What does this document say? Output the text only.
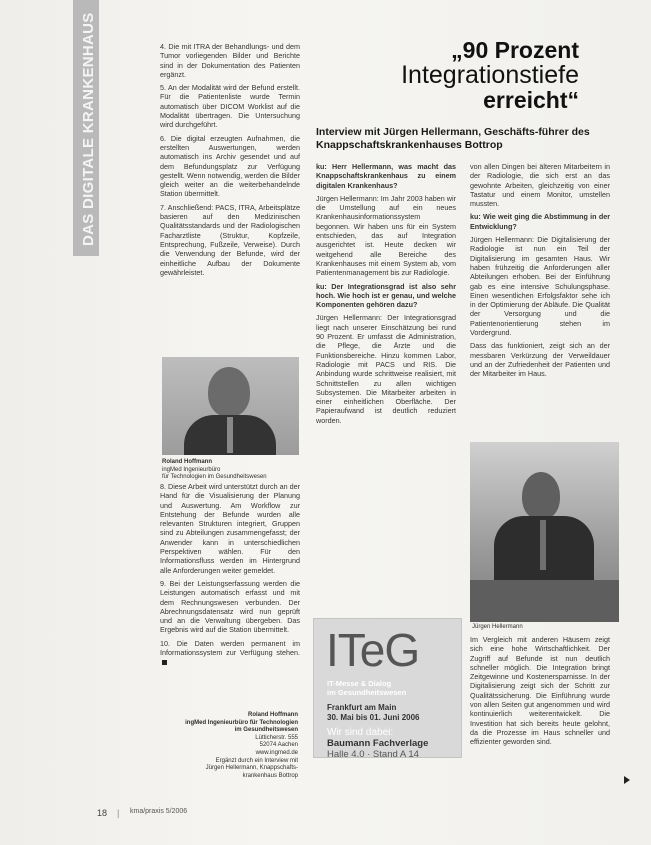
DAS DIGITALE KRANKENHAUS	4. Die mit ITRA der Behandlungs- und dem Tumor vorliegenden Bilder und Berichte sind in der Dokumentation des Patienten ergänzt.

5. An der Modalität wird der Befund erstellt. Für die Patientenliste wurde Termin automatisch über DICOM Worklist auf die Modalität übertragen. Die Untersuchung wird durchgeführt.

6. Die digital erzeugten Aufnahmen, die erstellten Auswertungen, werden automatisch ins Archiv gesendet und auf dem Befundungsplatz zur Verfügung gestellt. Wenn notwendig, werden die Bilder gleich weiter an die weiterbehandelnde Station übermittelt.

7. Anschließend: PACS, ITRA, Arbeitsplätze basieren auf den Medizinischen Qualitätsstandards und der Radiologischen Facharztliste (Struktur, Kopfzeile, Entsprechung, Fußzeile, Verweise). Durch die Verwendung der Befunde, wird der einheitliche Aufbau der Dokumente gewährleistet.

Roland Hoffmann
ingMed Ingenieurbüro
für Technologien im Gesundheitswesen

8. Diese Arbeit wird unterstützt durch an der Hand für die Visualisierung der Planung und Auswertung. Am Workflow zur Entstehung der Befunde wurden alle relevanten Strukturen integriert, Gruppen sind zu Abteilungen zusammengefasst; der Anwender kann in unterschiedlichen Perspektiven wählen. Für den Informationsfluss werden im Hintergrund alle Anforderungen weiter gemeldet.

9. Bei der Leistungserfassung werden die Leistungen automatisch erfasst und mit dem Rechnungswesen verbunden. Der Abrechnungsdatensatz wird nun geprüft und an die Verwaltung übergeben. Das Ergebnis wird auf die Station übermittelt.

10. Die Daten werden permanent im Informationssystem zur Verfügung stehen.

Roland Hoffmann
ingMed Ingenieurbüro für Technologien
im Gesundheitswesen
Lütticherstr. 555
52074 Aachen
www.ingmed.de
Ergänzt durch ein Interview mit
Jürgen Hellermann, Knappschafts-
krankenhaus Bottrop
„90 Prozent
Integrationstiefe
erreicht“
Interview mit Jürgen Hellermann, Geschäfts-führer des Knappschaftskrankenhauses Bottrop

ku: Herr Hellermann, was macht das Knappschaftskrankenhaus zu einem digitalen Krankenhaus?

Jürgen Hellermann: Im Jahr 2003 haben wir die Umstellung auf ein neues Krankenhausinformationssystem begonnen. Wir haben uns für ein System entschieden, das auf Integration ausgerichtet ist. Heute decken wir weitgehend alle Bereiche des Krankenhauses mit einem System ab, vom Patientenmanagement bis zur Radiologie.

ku: Der Integrationsgrad ist also sehr hoch. Wie hoch ist er genau, und welche Komponenten gehören dazu?

Jürgen Hellermann: Der Integrationsgrad liegt nach unserer Einschätzung bei rund 90 Prozent. Er umfasst die Administration, die Pflege, die Ärzte und die Funktionsbereiche. Hinzu kommen Labor, Radiologie mit PACS und RIS. Die Anbindung wurde schrittweise realisiert, mit Schnittstellen zu allen wichtigen Subsystemen. Die Mitarbeiter arbeiten in einer einheitlichen Oberfläche. Der Papieraufwand ist deutlich reduziert worden.

von allen Dingen bei älteren Mitarbeitern in der Radiologie, die sich erst an das gewohnte Arbeiten, gleichzeitig von einer Tastatur und einem Monitor, umstellen mussten.

ku: Wie weit ging die Abstimmung in der Entwicklung?

Jürgen Hellermann: Die Digitalisierung der Radiologie ist nun ein Teil der Digitalisierung im gesamten Haus. Wir haben frühzeitig die Anforderungen aller Abteilungen erhoben. Bei der Einführung gab es eine intensive Schulungsphase. Einen wesentlichen Erfolgsfaktor sehe ich in der Optimierung der Abläufe. Die Qualität der Versorgung und die Patientenorientierung stehen im Vordergrund.

Dass das funktioniert, zeigt sich an der messbaren Verkürzung der Verweildauer und an der Zufriedenheit der Patienten und der Mitarbeiter im Haus.

Jürgen Hellermann

Im Vergleich mit anderen Häusern zeigt sich eine hohe Wirtschaftlichkeit. Der Zugriff auf Befunde ist nun deutlich schneller möglich. Die Integration bringt Zeitgewinne und Kostenersparnisse. In der Digitalisierung zeigt sich der Schritt zur Qualitätssicherung. Die Einführung wurde von allen Seiten gut angenommen und wird kontinuierlich weiterentwickelt. Die Investition hat sich bereits heute gelohnt, da die Prozesse im Haus schneller und effizienter geworden sind.

ITeG
IT-Messe & Dialog
im Gesundheitswesen
Frankfurt am Main
30. Mai bis 01. Juni 2006
Wir sind dabei:
Baumann Fachverlage
Halle 4.0 · Stand A 14
18 | kma/praxis 5/2006
